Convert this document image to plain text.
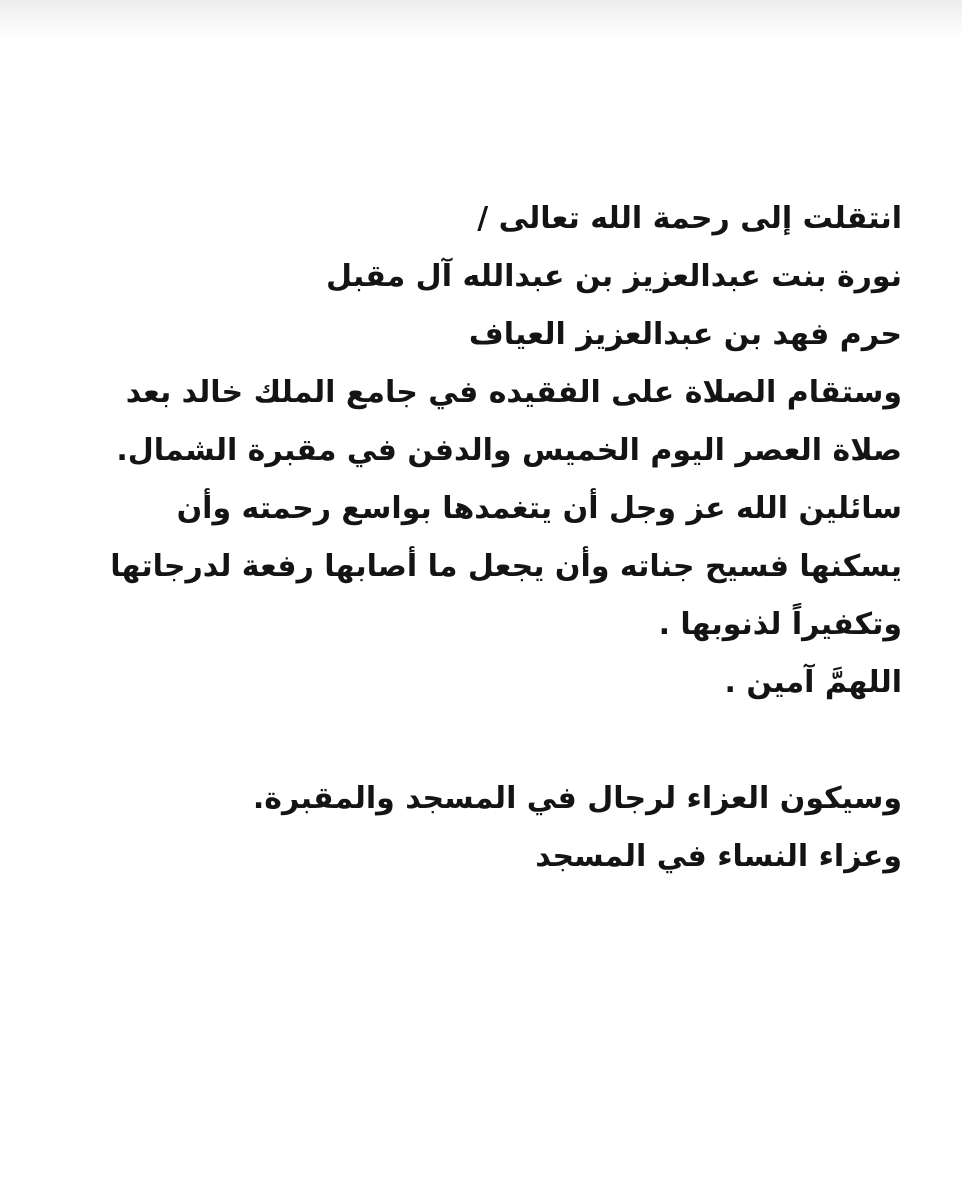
انتقلت إلى رحمة الله تعالى /
نورة بنت عبدالعزيز بن عبدالله آل مقبل
حرم فهد بن عبدالعزيز العياف
وستقام الصلاة على الفقيده في جامع الملك خالد بعد
صلاة العصر اليوم الخميس والدفن في مقبرة الشمال.
سائلين الله عز وجل أن يتغمدها بواسع رحمته وأن
يسكنها فسيح جناته وأن يجعل ما أصابها رفعة لدرجاتها
وتكفيراً لذنوبها .
اللهمَّ آمين .
وسيكون العزاء لرجال في المسجد والمقبرة.
وعزاء النساء في المسجد
